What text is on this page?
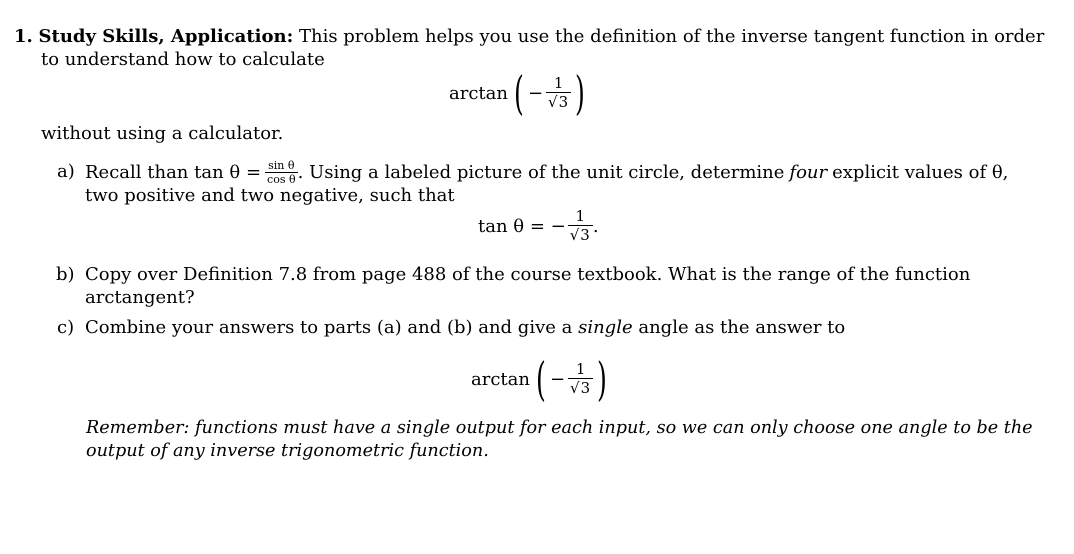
1. Study Skills, Application: This problem helps you use the definition of the inverse tangent function in order
to understand how to calculate
arctan ( − $\frac{1}{√3}$ )
without using a calculator.
a) Recall than $\tan \theta = \frac{\text{sin θ}}{\text{cos θ}}$ . Using a labeled picture of the unit circle, determine four explicit values of θ,
two positive and two negative, such that
tan θ = − $\frac{1}{√3}$ .
b) Copy over Definition 7.8 from page 488 of the course textbook. What is the range of the function
arctangent?
c) Combine your answers to parts (a) and (b) and give a single angle as the answer to
arctan ( − $\frac{1}{√3}$ )
Remember: functions must have a single output for each input, so we can only choose one angle to be the
output of any inverse trigonometric function.
